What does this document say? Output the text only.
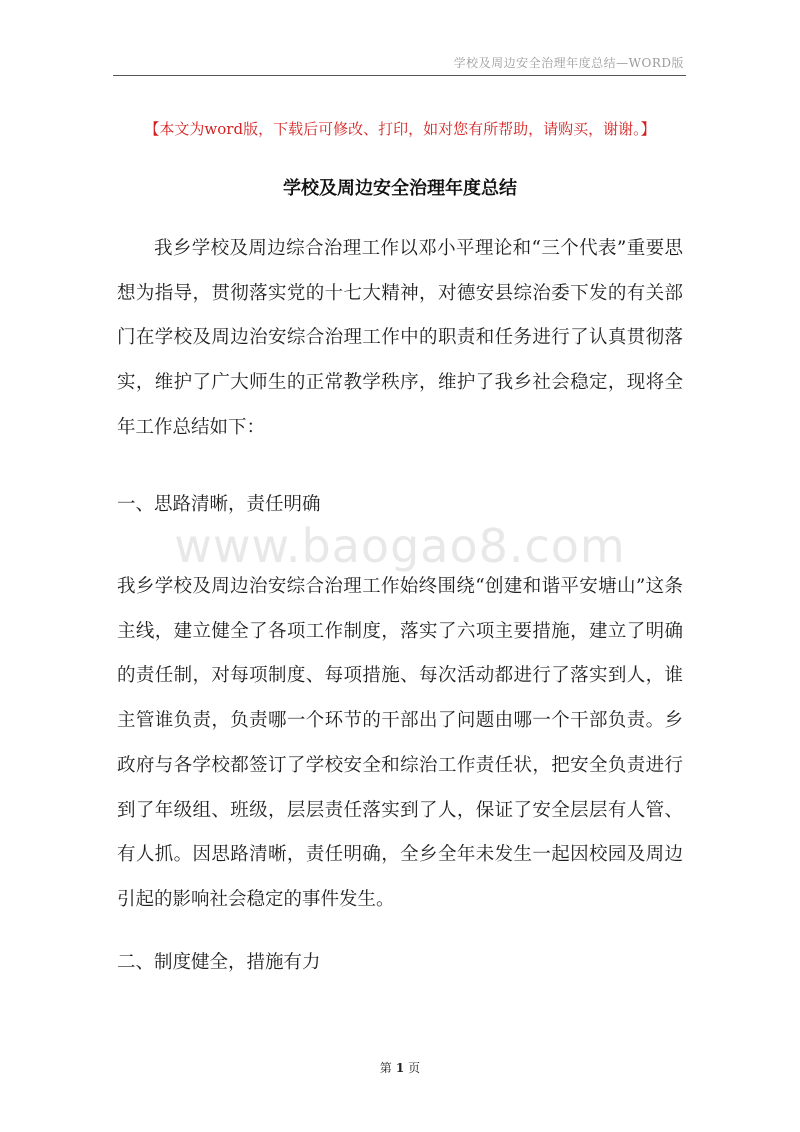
学校及周边安全治理年度总结—WORD版
【本文为word版，下载后可修改、打印，如对您有所帮助，请购买，谢谢。】
学校及周边安全治理年度总结

我乡学校及周边综合治理工作以邓小平理论和“三个代表”重要思想为指导，贯彻落实党的十七大精神，对德安县综治委下发的有关部门在学校及周边治安综合治理工作中的职责和任务进行了认真贯彻落实，维护了广大师生的正常教学秩序，维护了我乡社会稳定，现将全年工作总结如下：

一、思路清晰，责任明确

www.baogao8.com

我乡学校及周边治安综合治理工作始终围绕“创建和谐平安塘山”这条主线，建立健全了各项工作制度，落实了六项主要措施，建立了明确的责任制，对每项制度、每项措施、每次活动都进行了落实到人，谁主管谁负责，负责哪一个环节的干部出了问题由哪一个干部负责。乡政府与各学校都签订了学校安全和综治工作责任状，把安全负责进行到了年级组、班级，层层责任落实到了人，保证了安全层层有人管、有人抓。因思路清晰，责任明确，全乡全年未发生一起因校园及周边引起的影响社会稳定的事件发生。

二、制度健全，措施有力

第 1 页
